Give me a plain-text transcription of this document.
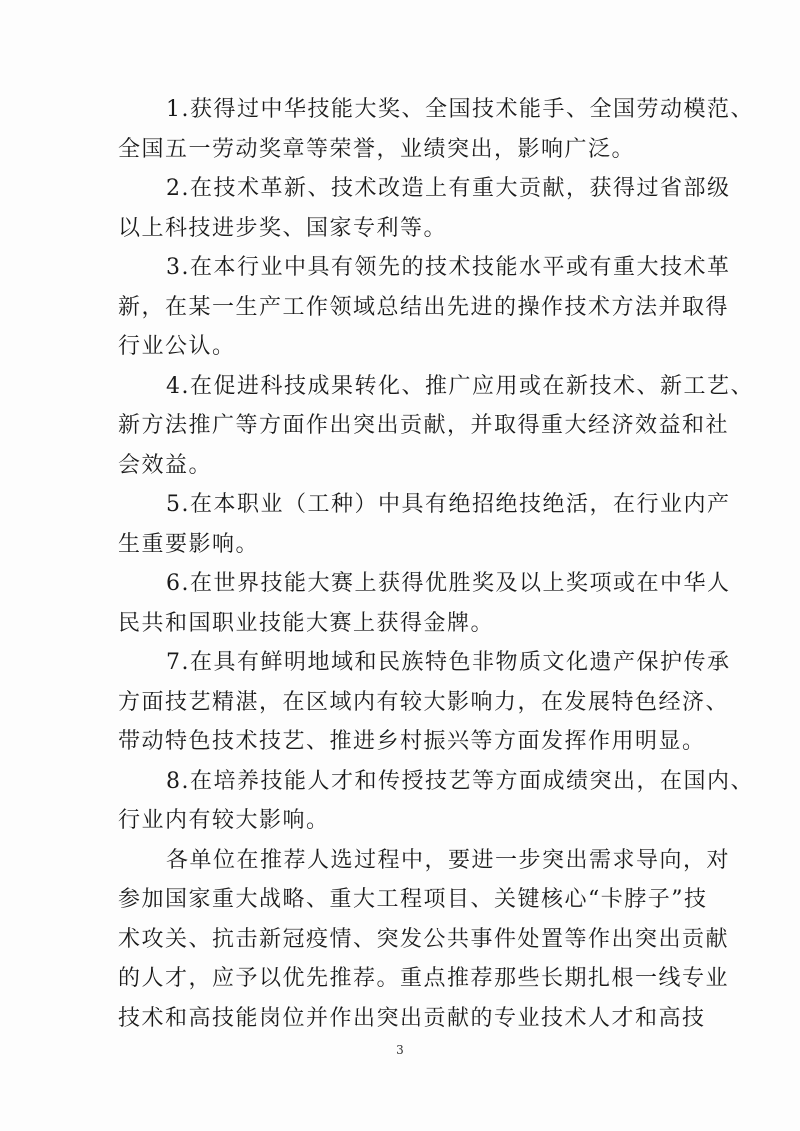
1.获得过中华技能大奖、全国技术能手、全国劳动模范、
全国五一劳动奖章等荣誉，业绩突出，影响广泛。

2.在技术革新、技术改造上有重大贡献，获得过省部级
以上科技进步奖、国家专利等。

3.在本行业中具有领先的技术技能水平或有重大技术革
新，在某一生产工作领域总结出先进的操作技术方法并取得
行业公认。

4.在促进科技成果转化、推广应用或在新技术、新工艺、
新方法推广等方面作出突出贡献，并取得重大经济效益和社
会效益。

5.在本职业（工种）中具有绝招绝技绝活，在行业内产
生重要影响。

6.在世界技能大赛上获得优胜奖及以上奖项或在中华人
民共和国职业技能大赛上获得金牌。

7.在具有鲜明地域和民族特色非物质文化遗产保护传承
方面技艺精湛，在区域内有较大影响力，在发展特色经济、
带动特色技术技艺、推进乡村振兴等方面发挥作用明显。

8.在培养技能人才和传授技艺等方面成绩突出，在国内、
行业内有较大影响。

各单位在推荐人选过程中，要进一步突出需求导向，对
参加国家重大战略、重大工程项目、关键核心“卡脖子”技
术攻关、抗击新冠疫情、突发公共事件处置等作出突出贡献
的人才，应予以优先推荐。重点推荐那些长期扎根一线专业
技术和高技能岗位并作出突出贡献的专业技术人才和高技

3
